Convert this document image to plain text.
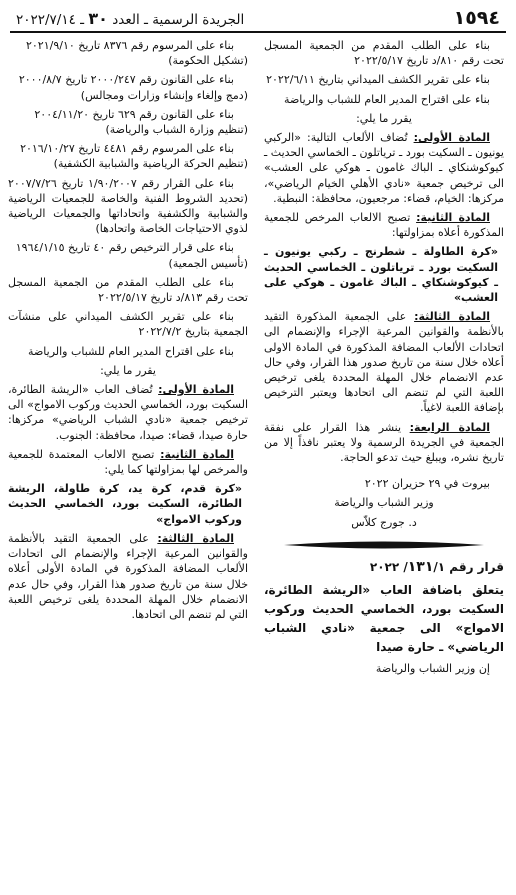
١٥٩٤
الجريدة الرسمية ـ العدد ٣٠ ـ ٢٠٢٢/٧/١٤

بناء على الطلب المقدم من الجمعية المسجل تحت رقم ٨١٠/د تاريخ ٢٠٢٢/٥/١٧

بناء على تقرير الكشف الميداني بتاريخ ٢٠٢٢/٦/١١

بناء على اقتراح المدير العام للشباب والرياضة

يقرر ما يلي:

المادة الأولى: تُضاف الألعاب التالية: «الركبي يونيون ـ السكيت بورد ـ ترياتلون ـ الخماسي الحديث ـ كيوكوشنكاي ـ الباك غامون ـ هوكي على العشب» الى ترخيص جمعية «نادي الأهلي الخيام الرياضي»، مركزها: الخيام، قضاء: مرجعيون، محافظة: النبطية.

المادة الثانية: تصبح الالعاب المرخص للجمعية المذكورة أعلاه بمزاولتها:

«كرة الطاولة ـ شطرنج ـ ركبي يونيون ـ السكيت بورد ـ ترياتلون ـ الخماسي الحديث ـ كيوكوشنكاي ـ الباك غامون ـ هوكي على العشب»

المادة الثالثة: على الجمعية المذكورة التقيد بالأنظمة والقوانين المرعية الإجراء والإنضمام الى اتحادات الألعاب المضافة المذكورة في المادة الاولى أعلاه خلال سنة من تاريخ صدور هذا القرار، وفي حال عدم الانضمام خلال المهلة المحددة يلغى ترخيص اللعبة التي لم تنضم الى اتحادها ويعتبر الترخيص بإضافة اللعبة لاغياً.

المادة الرابعة: ينشر هذا القرار على نفقة الجمعية في الجريدة الرسمية ولا يعتبر نافذاً إلا من تاريخ نشره، ويبلغ حيث تدعو الحاجة.

بيروت في ٢٩ حزيران ٢٠٢٢

وزير الشباب والرياضة

د. جورج كلاّس

قرار رقم ١٣١/١/ ٢٠٢٢

يتعلق باضافة العاب «الريشة الطائرة، السكيت بورد، الخماسي الحديث وركوب الامواج» الى جمعية «نادي الشباب الرياضي» ـ حارة صيدا

إن وزير الشباب والرياضة

بناء على المرسوم رقم ٨٣٧٦ تاريخ ٢٠٢١/٩/١٠
(تشكيل الحكومة)

بناء على القانون رقم ٢٠٠٠/٢٤٧ تاريخ ٢٠٠٠/٨/٧
(دمج وإلغاء وإنشاء وزارات ومجالس)

بناء على القانون رقم ٦٢٩ تاريخ ٢٠٠٤/١١/٢٠
(تنظيم وزارة الشباب والرياضة)

بناء على المرسوم رقم ٤٤٨١ تاريخ ٢٠١٦/١٠/٢٧
(تنظيم الحركة الرياضية والشبابية الكشفية)

بناء على القرار رقم ١/٩٠/٢٠٠٧ تاريخ ٢٠٠٧/٧/٢٦ (تحديد الشروط الفنية والخاصة للجمعيات الرياضية والشبابية والكشفية واتحاداتها والجمعيات الرياضية لذوي الاحتياجات الخاصة واتحادها)

بناء على قرار الترخيص رقم ٤٠ تاريخ ١٩٦٤/١/١٥
(تأسيس الجمعية)

بناء على الطلب المقدم من الجمعية المسجل تحت رقم ٨١٣/د تاريخ ٢٠٢٢/٥/١٧

بناء على تقرير الكشف الميداني على منشآت الجمعية بتاريخ ٢٠٢٢/٧/٢

بناء على اقتراح المدير العام للشباب والرياضة

يقرر ما يلي:

المادة الأولى: تُضاف العاب «الريشة الطائرة، السكيت بورد، الخماسي الحديث وركوب الامواج» الى ترخيص جمعية «نادي الشباب الرياضي» مركزها: حارة صيدا، قضاء: صيدا، محافظة: الجنوب.

المادة الثانية: تصبح الالعاب المعتمدة للجمعية والمرخص لها بمزاولتها كما يلي:

«كرة قدم، كرة يد، كرة طاولة، الريشة الطائرة، السكيت بورد، الخماسي الحديث وركوب الامواج»

المادة الثالثة: على الجمعية التقيد بالأنظمة والقوانين المرعية الإجراء والإنضمام الى اتحادات الألعاب المضافة المذكورة في المادة الأولى أعلاه خلال سنة من تاريخ صدور هذا القرار، وفي حال عدم الانضمام خلال المهلة المحددة يلغى ترخيص اللعبة التي لم تنضم الى اتحادها.
